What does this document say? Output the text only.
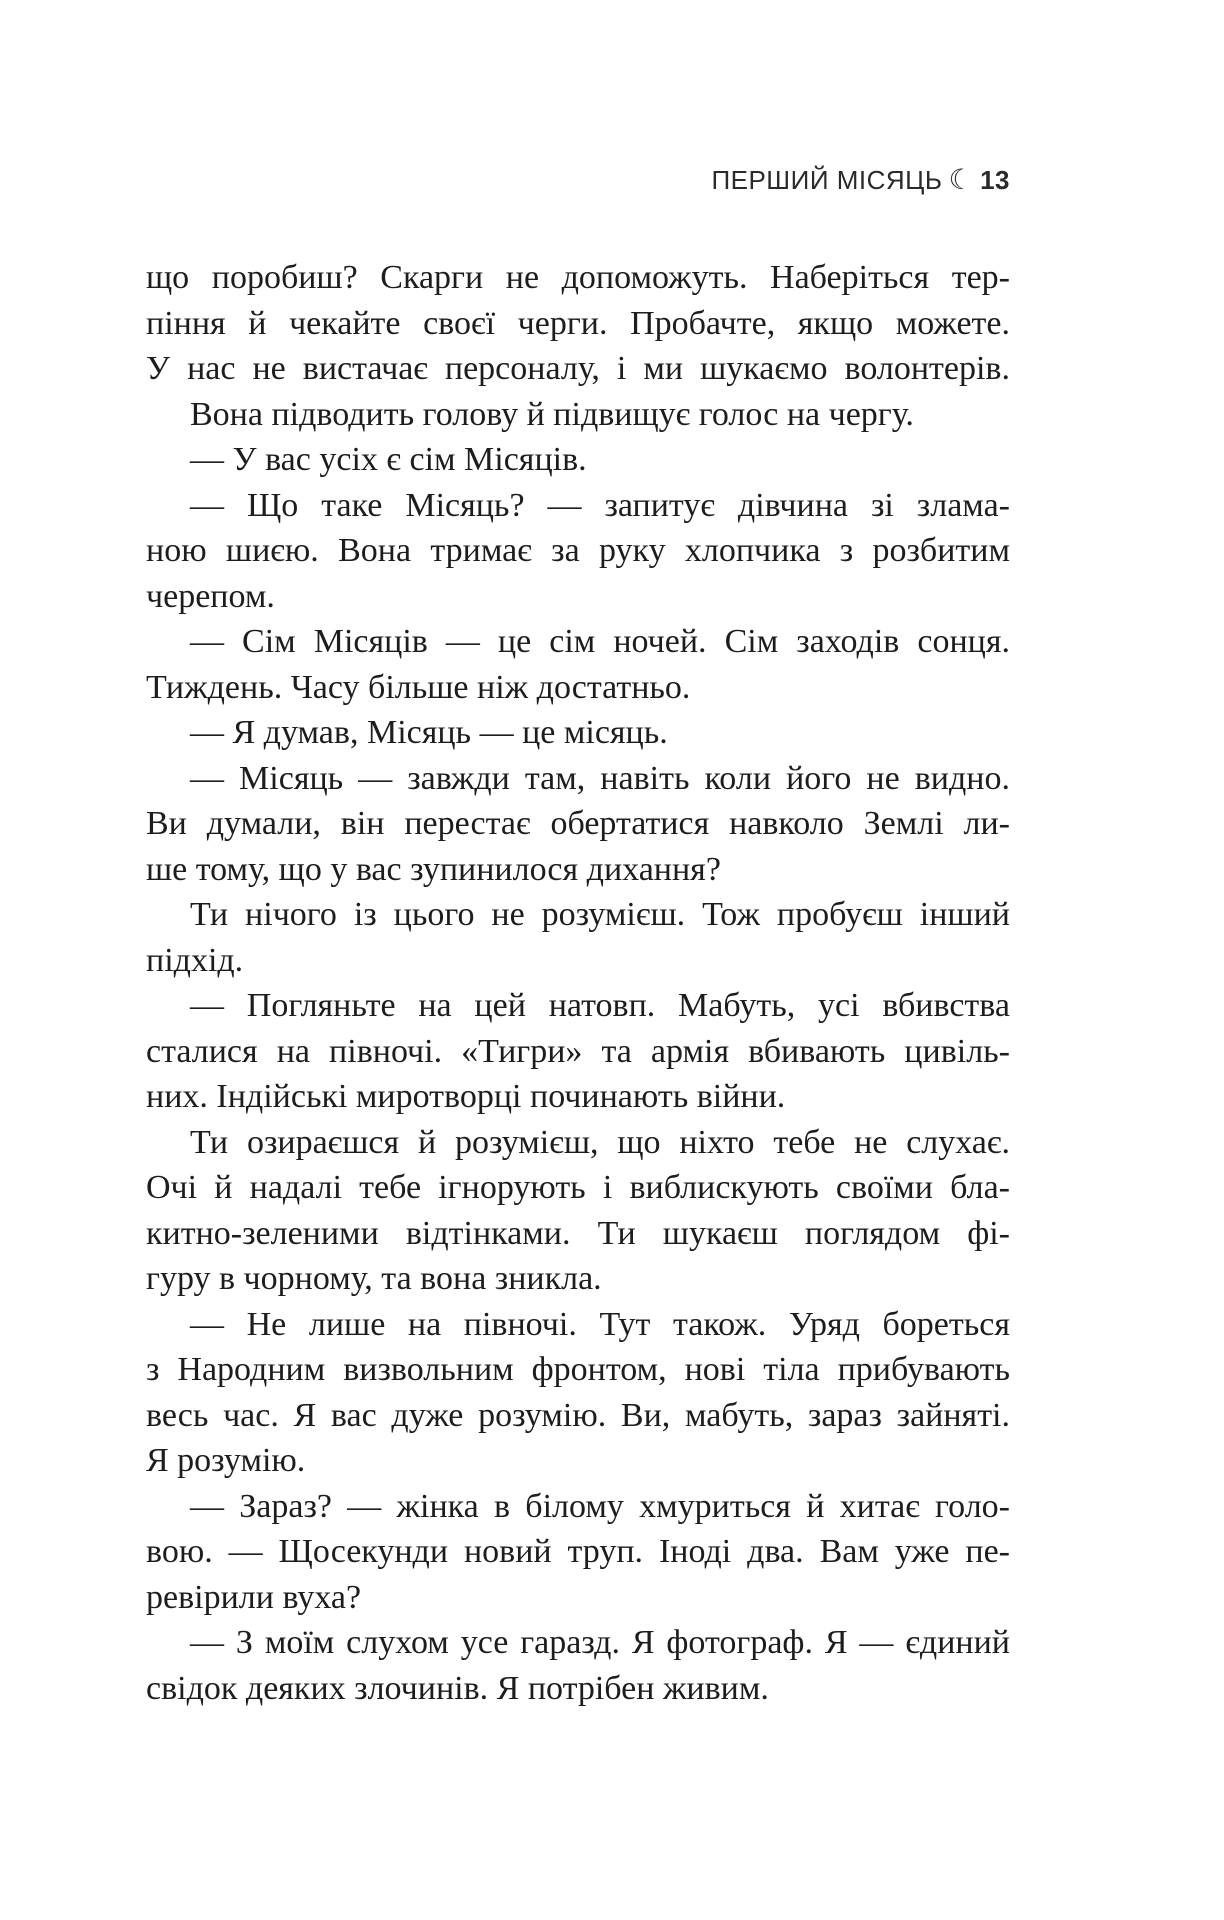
ПЕРШИЙ МІСЯЦЬ ☾ 13
що поробиш? Скарги не допоможуть. Наберіться тер-
піння й чекайте своєї черги. Пробачте, якщо можете.
У нас не вистачає персоналу, і ми шукаємо волонтерів.
Вона підводить голову й підвищує голос на чергу.
— У вас усіх є сім Місяців.
— Що таке Місяць? — запитує дівчина зі злама-
ною шиєю. Вона тримає за руку хлопчика з розбитим
черепом.
— Сім Місяців — це сім ночей. Сім заходів сонця.
Тиждень. Часу більше ніж достатньо.
— Я думав, Місяць — це місяць.
— Місяць — завжди там, навіть коли його не видно.
Ви думали, він перестає обертатися навколо Землі ли-
ше тому, що у вас зупинилося дихання?
Ти нічого із цього не розумієш. Тож пробуєш інший
підхід.
— Погляньте на цей натовп. Мабуть, усі вбивства
сталися на півночі. «Тигри» та армія вбивають цивіль-
них. Індійські миротворці починають війни.
Ти озираєшся й розумієш, що ніхто тебе не слухає.
Очі й надалі тебе ігнорують і виблискують своїми бла-
китно-зеленими відтінками. Ти шукаєш поглядом фі-
гуру в чорному, та вона зникла.
— Не лише на півночі. Тут також. Уряд бореться
з Народним визвольним фронтом, нові тіла прибувають
весь час. Я вас дуже розумію. Ви, мабуть, зараз зайняті.
Я розумію.
— Зараз? — жінка в білому хмуриться й хитає голо-
вою. — Щосекунди новий труп. Іноді два. Вам уже пе-
ревірили вуха?
— З моїм слухом усе гаразд. Я фотограф. Я — єдиний
свідок деяких злочинів. Я потрібен живим.
